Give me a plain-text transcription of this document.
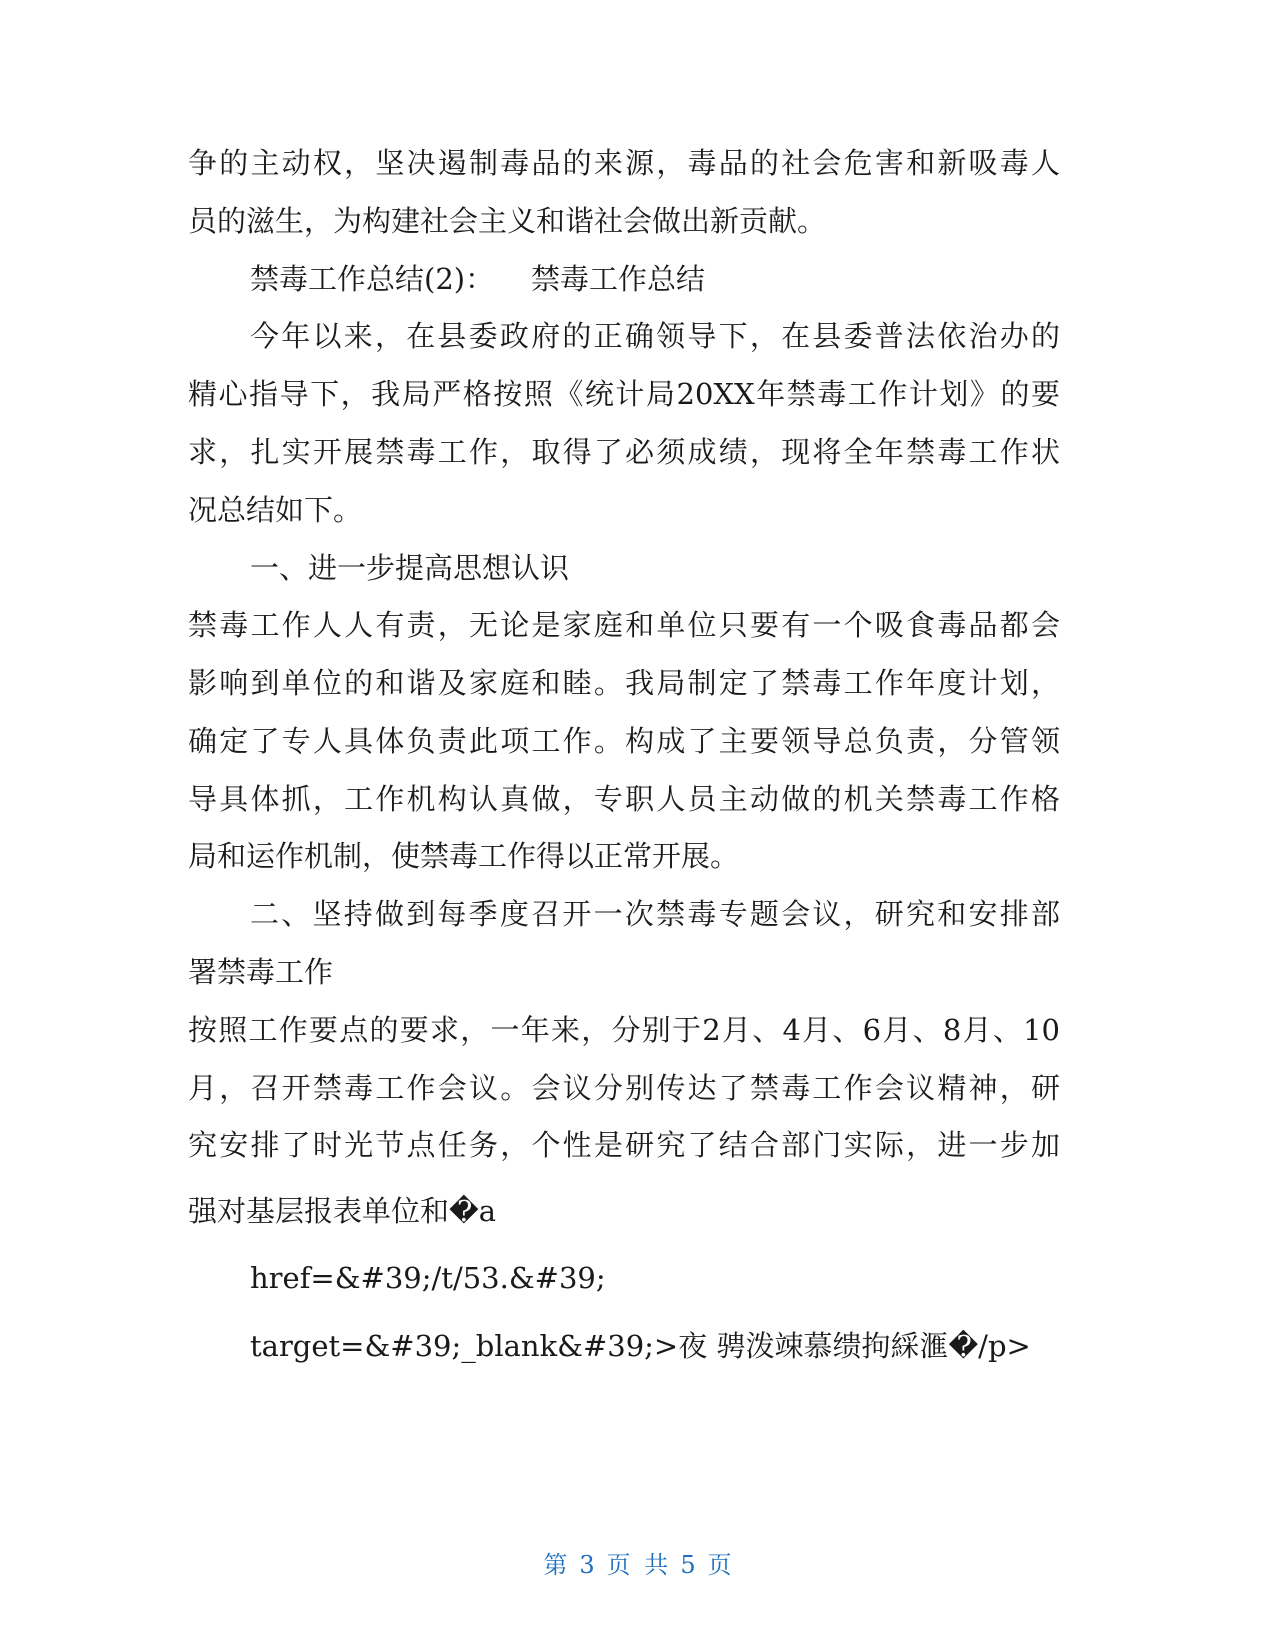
争的主动权，坚决遏制毒品的来源，毒品的社会危害和新吸毒人
员的滋生，为构建社会主义和谐社会做出新贡献。
禁毒工作总结(2)：    禁毒工作总结
今年以来，在县委政府的正确领导下，在县委普法依治办的
精心指导下，我局严格按照《统计局20XX年禁毒工作计划》的要
求，扎实开展禁毒工作，取得了必须成绩，现将全年禁毒工作状
况总结如下。
一、进一步提高思想认识
禁毒工作人人有责，无论是家庭和单位只要有一个吸食毒品都会
影响到单位的和谐及家庭和睦。我局制定了禁毒工作年度计划，
确定了专人具体负责此项工作。构成了主要领导总负责，分管领
导具体抓，工作机构认真做，专职人员主动做的机关禁毒工作格
局和运作机制，使禁毒工作得以正常开展。
二、坚持做到每季度召开一次禁毒专题会议，研究和安排部
署禁毒工作
按照工作要点的要求，一年来，分别于2月、4月、6月、8月、10
月，召开禁毒工作会议。会议分别传达了禁毒工作会议精神，研
究安排了时光节点任务，个性是研究了结合部门实际，进一步加
强对基层报表单位和�a
href=&#39;/t/53.&#39;
target=&#39;_blank&#39;>夜 骋泼竦慕缋拘綵滙�/p>
第 3 页 共 5 页
